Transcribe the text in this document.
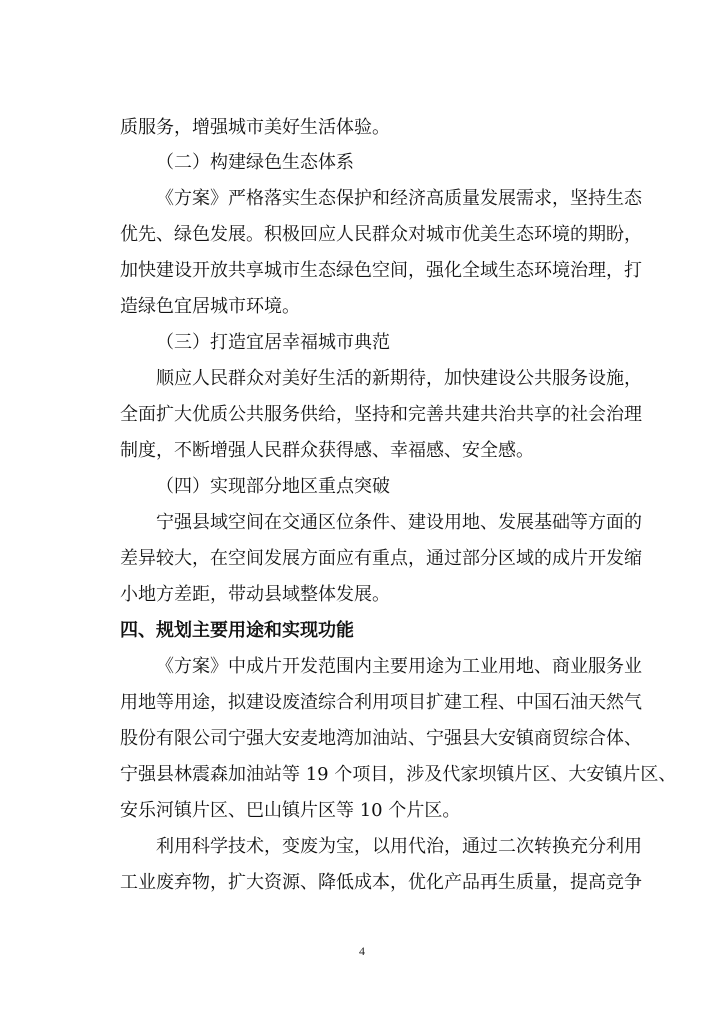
质服务，增强城市美好生活体验。
（二）构建绿色生态体系
《方案》严格落实生态保护和经济高质量发展需求，坚持生态
优先、绿色发展。积极回应人民群众对城市优美生态环境的期盼，
加快建设开放共享城市生态绿色空间，强化全域生态环境治理，打
造绿色宜居城市环境。
（三）打造宜居幸福城市典范
顺应人民群众对美好生活的新期待，加快建设公共服务设施，
全面扩大优质公共服务供给，坚持和完善共建共治共享的社会治理
制度，不断增强人民群众获得感、幸福感、安全感。
（四）实现部分地区重点突破
宁强县域空间在交通区位条件、建设用地、发展基础等方面的
差异较大，在空间发展方面应有重点，通过部分区域的成片开发缩
小地方差距，带动县域整体发展。
四、规划主要用途和实现功能
《方案》中成片开发范围内主要用途为工业用地、商业服务业
用地等用途，拟建设废渣综合利用项目扩建工程、中国石油天然气
股份有限公司宁强大安麦地湾加油站、宁强县大安镇商贸综合体、
宁强县林震森加油站等 19 个项目，涉及代家坝镇片区、大安镇片区、
安乐河镇片区、巴山镇片区等 10 个片区。
利用科学技术，变废为宝，以用代治，通过二次转换充分利用
工业废弃物，扩大资源、降低成本，优化产品再生质量，提高竞争
4
